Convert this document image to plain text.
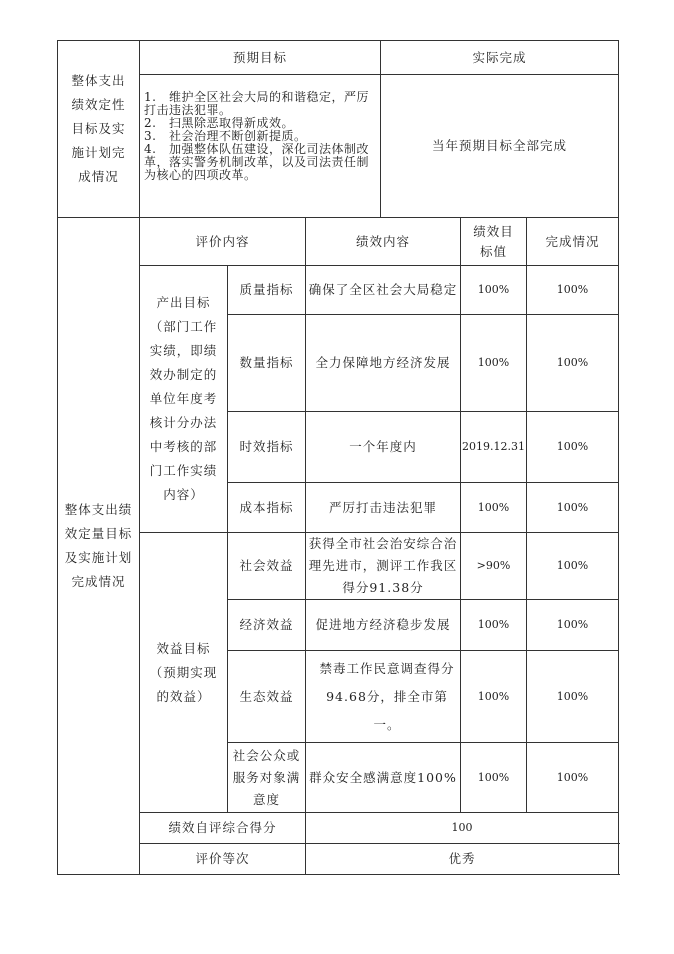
整体支出绩效定性目标及实施计划完成情况	预期目标	实际完成

	1.　维护全区社会大局的和谐稳定，严厉打击违法犯罪。
2.　扫黑除恶取得新成效。
3.　社会治理不断创新提质。
4.　加强整体队伍建设，深化司法体制改革，落实警务机制改革，以及司法责任制为核心的四项改革。	当年预期目标全部完成
整体支出绩效定量目标及实施计划完成情况	评价内容		绩效内容	绩效目标值	完成情况
	产出目标（部门工作实绩，即绩效办制定的单位年度考核计分办法中考核的部门工作实绩内容）	质量指标	确保了全区社会大局稳定	100%	100%
		数量指标	全力保障地方经济发展	100%	100%
		时效指标	一个年度内	2019.12.31	100%
		成本指标	严厉打击违法犯罪	100%	100%
	效益目标（预期实现的效益）	社会效益	获得全市社会治安综合治理先进市，测评工作我区得分91.38分	>90%	100%
		经济效益	促进地方经济稳步发展	100%	100%
		生态效益	禁毒工作民意调查得分94.68分，排全市第一。	100%	100%
		社会公众或服务对象满意度	群众安全感满意度100%	100%	100%
	绩效自评综合得分		100		
	评价等次		优秀		
